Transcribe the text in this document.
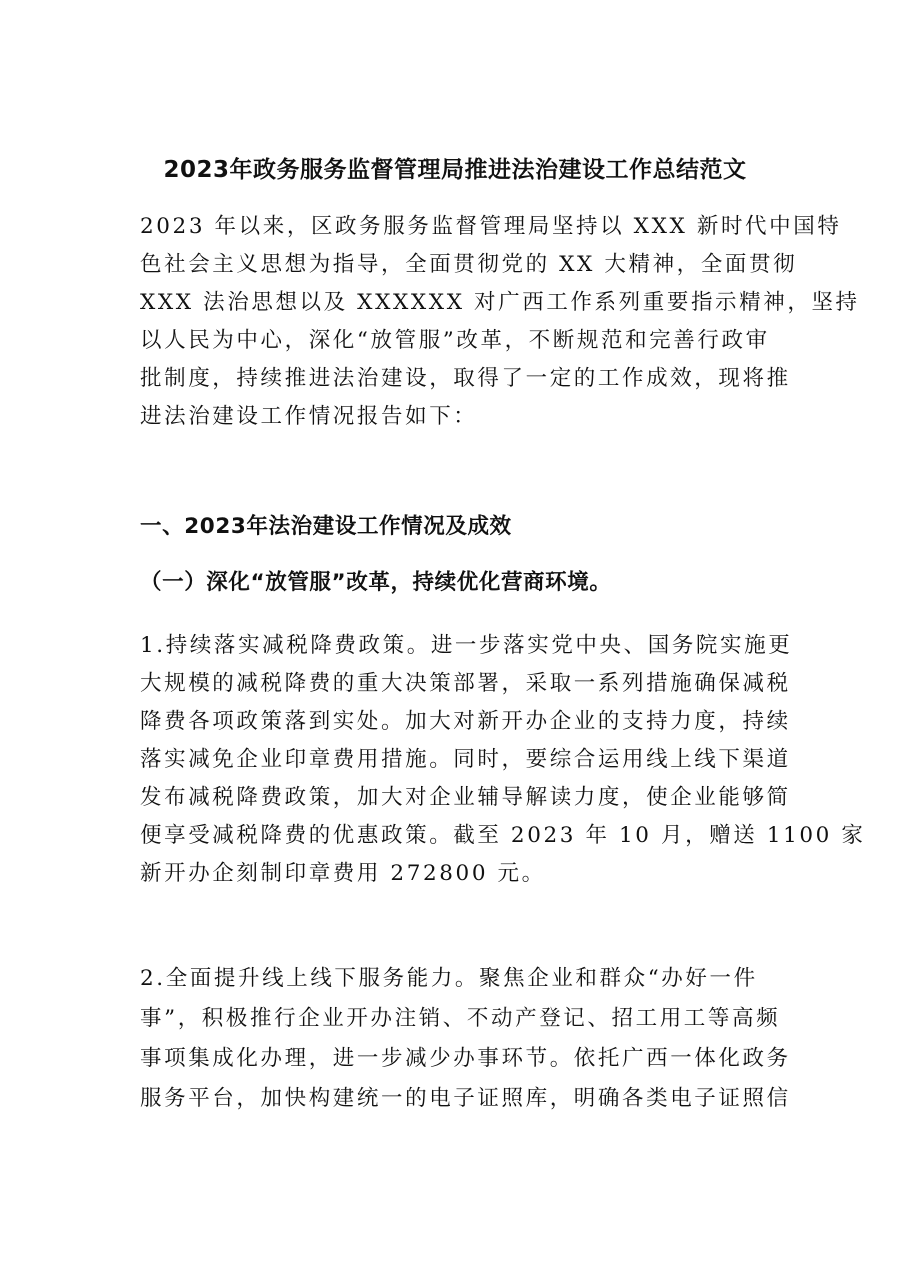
2023年政务服务监督管理局推进法治建设工作总结范文

2023 年以来，区政务服务监督管理局坚持以 XXX 新时代中国特
色社会主义思想为指导，全面贯彻党的 XX 大精神，全面贯彻
XXX 法治思想以及 XXXXXX 对广西工作系列重要指示精神，坚持
以人民为中心，深化“放管服”改革，不断规范和完善行政审
批制度，持续推进法治建设，取得了一定的工作成效，现将推
进法治建设工作情况报告如下：

一、2023年法治建设工作情况及成效
（一）深化“放管服”改革，持续优化营商环境。

1.持续落实减税降费政策。进一步落实党中央、国务院实施更
大规模的减税降费的重大决策部署，采取一系列措施确保减税
降费各项政策落到实处。加大对新开办企业的支持力度，持续
落实减免企业印章费用措施。同时，要综合运用线上线下渠道
发布减税降费政策，加大对企业辅导解读力度，使企业能够简
便享受减税降费的优惠政策。截至 2023 年 10 月，赠送 1100 家
新开办企刻制印章费用 272800 元。

2.全面提升线上线下服务能力。聚焦企业和群众“办好一件
事”，积极推行企业开办注销、不动产登记、招工用工等高频
事项集成化办理，进一步减少办事环节。依托广西一体化政务
服务平台，加快构建统一的电子证照库，明确各类电子证照信
